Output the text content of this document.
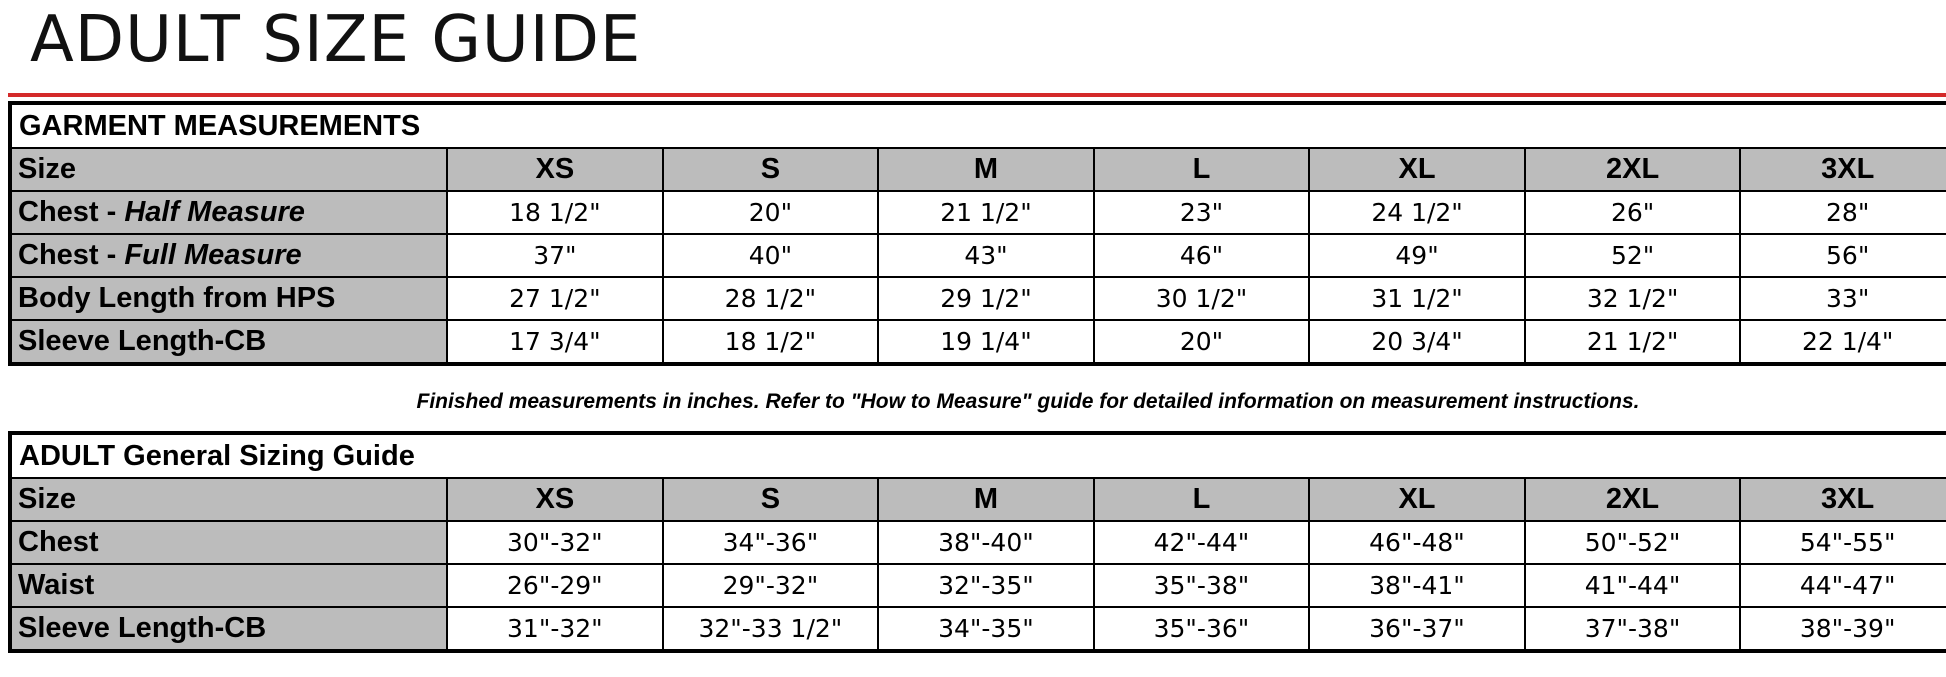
ADULT SIZE GUIDE
GARMENT MEASUREMENTS							
Size	XS	S	M	L	XL	2XL	3XL
Chest - Half Measure	18 1/2"	20"	21 1/2"	23"	24 1/2"	26"	28"
Chest - Full Measure	37"	40"	43"	46"	49"	52"	56"
Body Length from HPS	27 1/2"	28 1/2"	29 1/2"	30 1/2"	31 1/2"	32 1/2"	33"
Sleeve Length-CB	17 3/4"	18 1/2"	19 1/4"	20"	20 3/4"	21 1/2"	22 1/4"
Finished measurements in inches. Refer to "How to Measure" guide for detailed information on measurement instructions.
ADULT General Sizing Guide							
Size	XS	S	M	L	XL	2XL	3XL
Chest	30"-32"	34"-36"	38"-40"	42"-44"	46"-48"	50"-52"	54"-55"
Waist	26"-29"	29"-32"	32"-35"	35"-38"	38"-41"	41"-44"	44"-47"
Sleeve Length-CB	31"-32"	32"-33 1/2"	34"-35"	35"-36"	36"-37"	37"-38"	38"-39"
